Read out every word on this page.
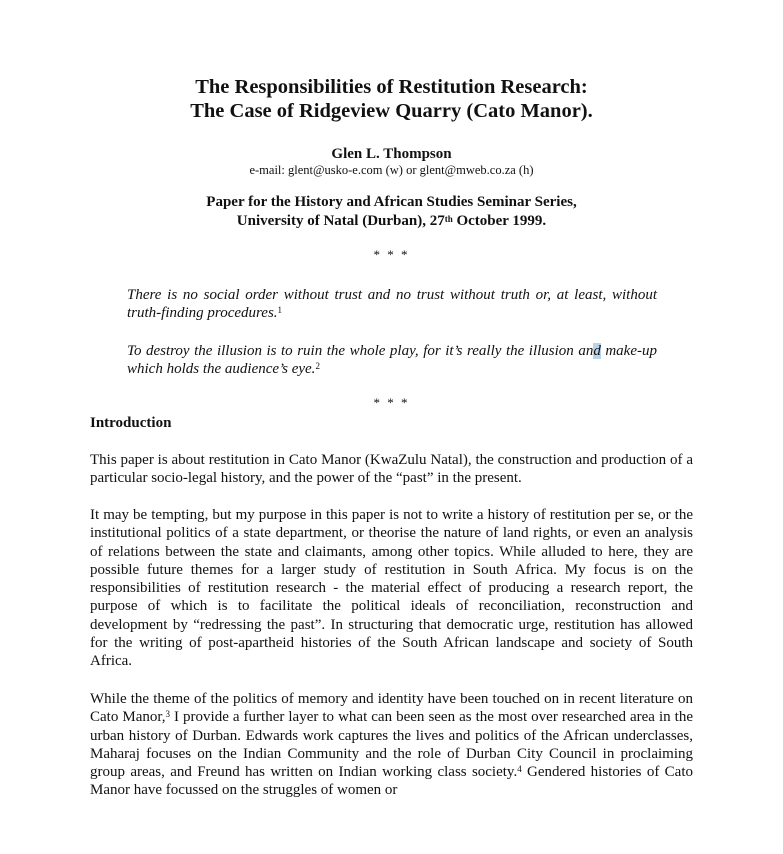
The Responsibilities of Restitution Research:
The Case of Ridgeview Quarry (Cato Manor).
Glen L. Thompson
e-mail: glent@usko-e.com (w) or glent@mweb.co.za (h)
Paper for the History and African Studies Seminar Series,
University of Natal (Durban), 27th October 1999.
* * *
There is no social order without trust and no trust without truth or, at least, without truth-finding procedures.$^1$
To destroy the illusion is to ruin the whole play, for it’s really the illusion and make-up which holds the audience’s eye.$^2$
* * *
Introduction
This paper is about restitution in Cato Manor (KwaZulu Natal), the construction and production of a particular socio-legal history, and the power of the “past” in the present.
It may be tempting, but my purpose in this paper is not to write a history of restitution per se, or the institutional politics of a state department, or theorise the nature of land rights, or even an analysis of relations between the state and claimants, among other topics. While alluded to here, they are possible future themes for a larger study of restitution in South Africa. My focus is on the responsibilities of restitution research - the material effect of producing a research report, the purpose of which is to facilitate the political ideals of reconciliation, reconstruction and development by “redressing the past”. In structuring that democratic urge, restitution has allowed for the writing of post-apartheid histories of the South African landscape and society of South Africa.
While the theme of the politics of memory and identity have been touched on in recent literature on Cato Manor,$^3$ I provide a further layer to what can been seen as the most over researched area in the urban history of Durban. Edwards work captures the lives and politics of the African underclasses, Maharaj focuses on the Indian Community and the role of Durban City Council in proclaiming group areas, and Freund has written on Indian working class society.$^4$ Gendered histories of Cato Manor have focussed on the struggles of women or
